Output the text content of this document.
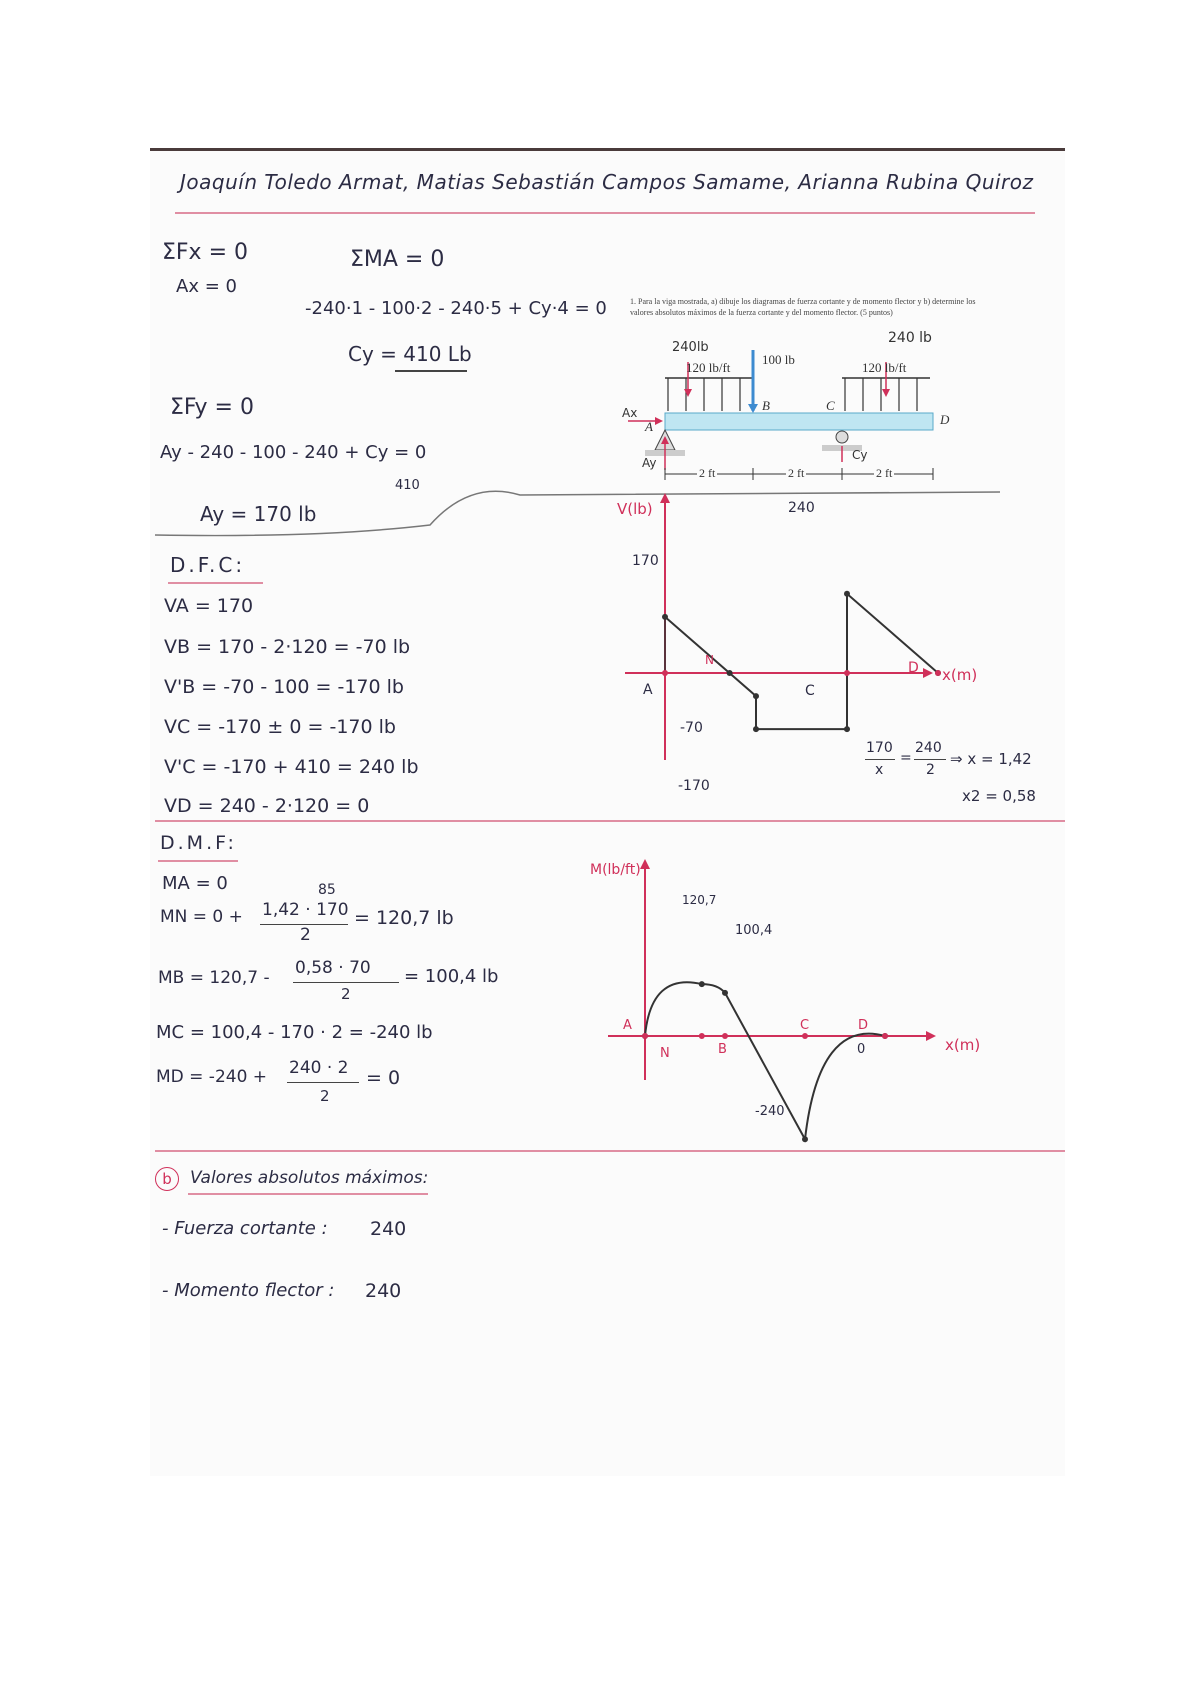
Joaquín Toledo Armat, Matias Sebastián Campos Samame, Arianna Rubina Quiroz
ΣFx = 0
Ax = 0
ΣMA = 0
-240·1 - 100·2 - 240·5 + Cy·4 = 0
Cy = 410 Lb
ΣFy = 0
Ay - 240 - 100 - 240 + Cy = 0
410
Ay = 170 lb
1. Para la viga mostrada, a) dibuje los diagramas de fuerza cortante y de momento flector y b) determine los valores absolutos máximos de la fuerza cortante y del momento flector. (5 puntos)
240lb
120 lb/ft
100 lb
240 lb
120 lb/ft
A
B	C
D
Ax
Ay
Cy
2 ft	2 ft	2 ft
D.F.C:
VA = 170
VB = 170 - 2·120 = -70 lb
V'B = -70 - 100 = -170 lb
VC = -170 ± 0 = -170 lb
V'C = -170 + 410 = 240 lb
VD = 240 - 2·120 = 0
V(lb)
x(m)
170
240
-70
-170
A
N
C
D
170
x
=
240
2
⇒ x = 1,42
x2 = 0,58
D.M.F:
MA = 0	85
MN = 0 + 1,42 · 170
2
= 120,7 lb
MB = 120,7 - 0,58 · 70
2
= 100,4 lb
MC = 100,4 - 170 · 2 = -240 lb
MD = -240 + 240 · 2
2
= 0
M(lb/ft)
x(m)
120,7
100,4
-240
A
N	B
C	D
0
b	Valores absolutos máximos:
- Fuerza cortante : 240
- Momento flector : 240
